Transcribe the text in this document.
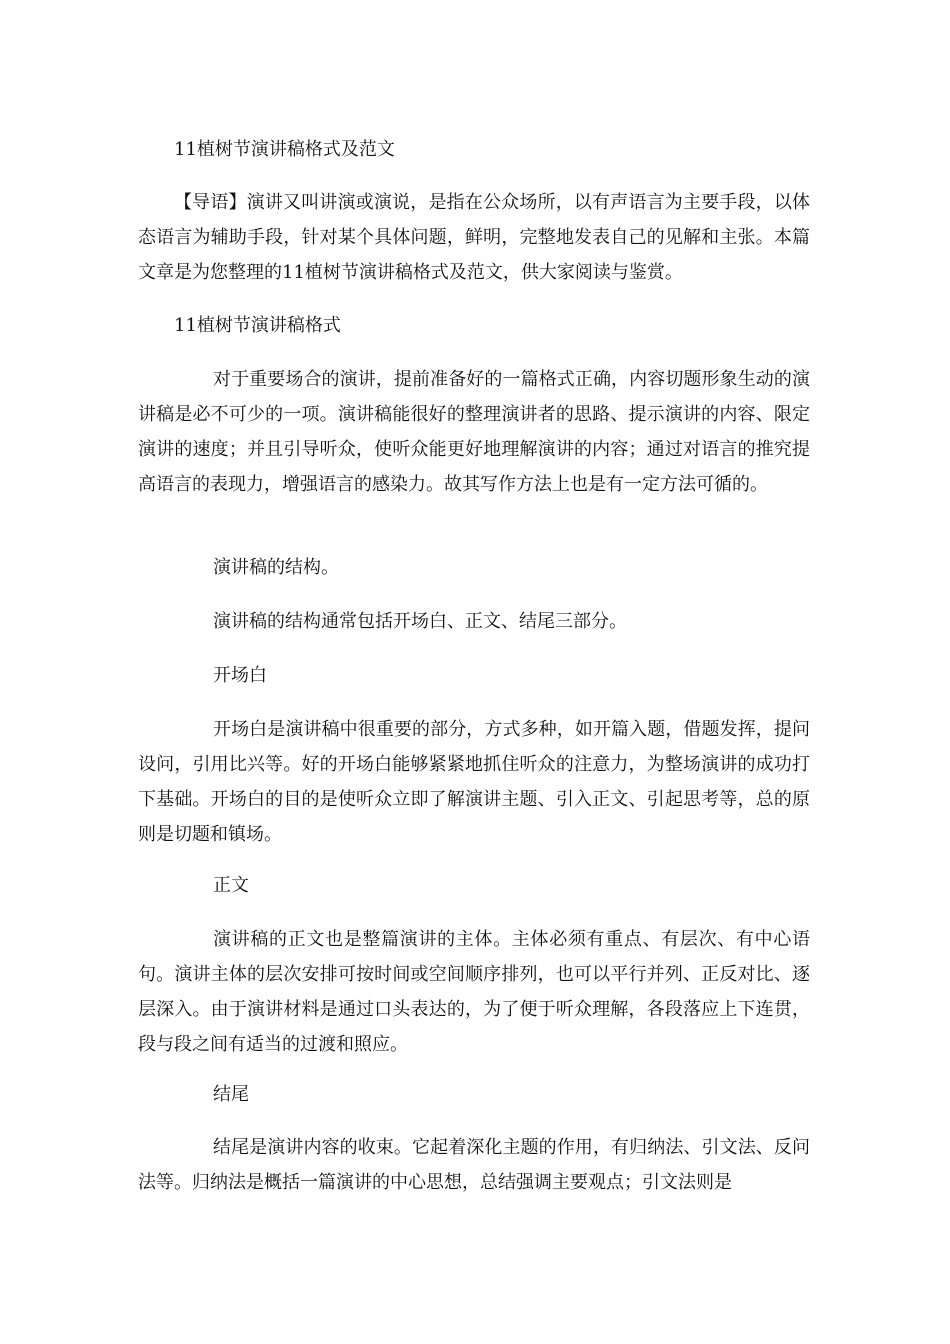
11植树节演讲稿格式及范文

【导语】演讲又叫讲演或演说，是指在公众场所，以有声语言为主要手段，以体态语言为辅助手段，针对某个具体问题，鲜明，完整地发表自己的见解和主张。本篇文章是为您整理的11植树节演讲稿格式及范文，供大家阅读与鉴赏。

11植树节演讲稿格式

对于重要场合的演讲，提前准备好的一篇格式正确，内容切题形象生动的演讲稿是必不可少的一项。演讲稿能很好的整理演讲者的思路、提示演讲的内容、限定演讲的速度；并且引导听众，使听众能更好地理解演讲的内容；通过对语言的推究提高语言的表现力，增强语言的感染力。故其写作方法上也是有一定方法可循的。

演讲稿的结构。

演讲稿的结构通常包括开场白、正文、结尾三部分。

开场白

开场白是演讲稿中很重要的部分，方式多种，如开篇入题，借题发挥，提问设问，引用比兴等。好的开场白能够紧紧地抓住听众的注意力，为整场演讲的成功打下基础。开场白的目的是使听众立即了解演讲主题、引入正文、引起思考等，总的原则是切题和镇场。

正文

演讲稿的正文也是整篇演讲的主体。主体必须有重点、有层次、有中心语句。演讲主体的层次安排可按时间或空间顺序排列，也可以平行并列、正反对比、逐层深入。由于演讲材料是通过口头表达的，为了便于听众理解，各段落应上下连贯，段与段之间有适当的过渡和照应。

结尾

结尾是演讲内容的收束。它起着深化主题的作用，有归纳法、引文法、反问法等。归纳法是概括一篇演讲的中心思想，总结强调主要观点；引文法则是
